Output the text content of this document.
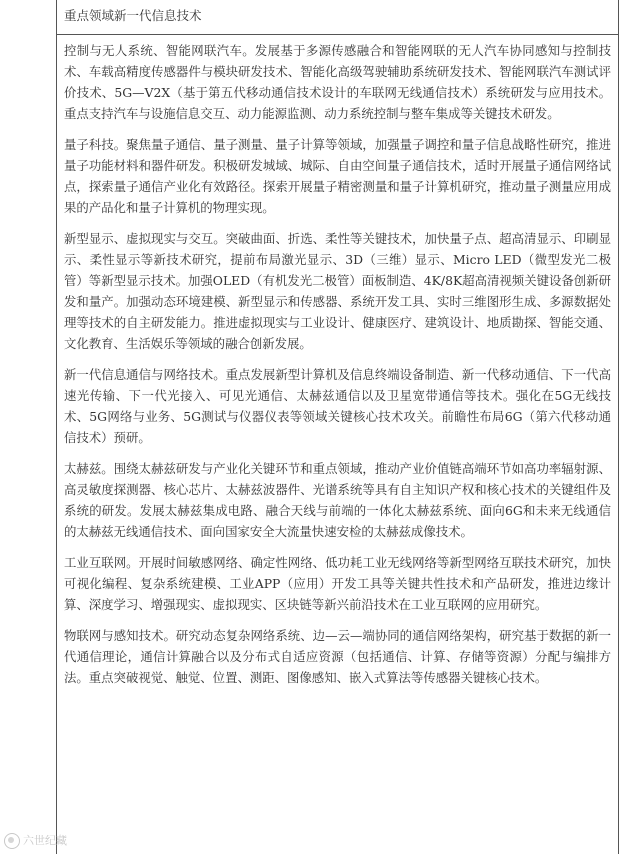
重点领域新一代信息技术

控制与无人系统、智能网联汽车。发展基于多源传感融合和智能网联的无人汽车协同感知与控制技术、车载高精度传感器件与模块研发技术、智能化高级驾驶辅助系统研发技术、智能网联汽车测试评价技术、5G—V2X（基于第五代移动通信技术设计的车联网无线通信技术）系统研发与应用技术。重点支持汽车与设施信息交互、动力能源监测、动力系统控制与整车集成等关键技术研发。

量子科技。聚焦量子通信、量子测量、量子计算等领域，加强量子调控和量子信息战略性研究，推进量子功能材料和器件研发。积极研发城域、城际、自由空间量子通信技术，适时开展量子通信网络试点，探索量子通信产业化有效路径。探索开展量子精密测量和量子计算机研究，推动量子测量应用成果的产品化和量子计算机的物理实现。

新型显示、虚拟现实与交互。突破曲面、折选、柔性等关键技术，加快量子点、超高清显示、印刷显示、柔性显示等新技术研究，提前布局激光显示、3D（三维）显示、Micro LED（微型发光二极管）等新型显示技术。加强OLED（有机发光二极管）面板制造、4K/8K超高清视频关键设备创新研发和量产。加强动态环境建模、新型显示和传感器、系统开发工具、实时三维图形生成、多源数据处理等技术的自主研发能力。推进虚拟现实与工业设计、健康医疗、建筑设计、地质勘探、智能交通、文化教育、生活娱乐等领域的融合创新发展。

新一代信息通信与网络技术。重点发展新型计算机及信息终端设备制造、新一代移动通信、下一代高速光传输、下一代光接入、可见光通信、太赫兹通信以及卫星宽带通信等技术。强化在5G无线技术、5G网络与业务、5G测试与仪器仪表等领域关键核心技术攻关。前瞻性布局6G（第六代移动通信技术）预研。

太赫兹。围绕太赫兹研发与产业化关键环节和重点领域，推动产业价值链高端环节如高功率辐射源、高灵敏度探测器、核心芯片、太赫兹波器件、光谱系统等具有自主知识产权和核心技术的关键组件及系统的研发。发展太赫兹集成电路、融合天线与前端的一体化太赫兹系统、面向6G和未来无线通信的太赫兹无线通信技术、面向国家安全大流量快速安检的太赫兹成像技术。

工业互联网。开展时间敏感网络、确定性网络、低功耗工业无线网络等新型网络互联技术研究，加快可视化编程、复杂系统建模、工业APP（应用）开发工具等关键共性技术和产品研发，推进边缘计算、深度学习、增强现实、虚拟现实、区块链等新兴前沿技术在工业互联网的应用研究。

物联网与感知技术。研究动态复杂网络系统、边—云—端协同的通信网络架构，研究基于数据的新一代通信理论，通信计算融合以及分布式自适应资源（包括通信、计算、存储等资源）分配与编排方法。重点突破视觉、触觉、位置、测距、图像感知、嵌入式算法等传感器关键核心技术。

六世纪藏
